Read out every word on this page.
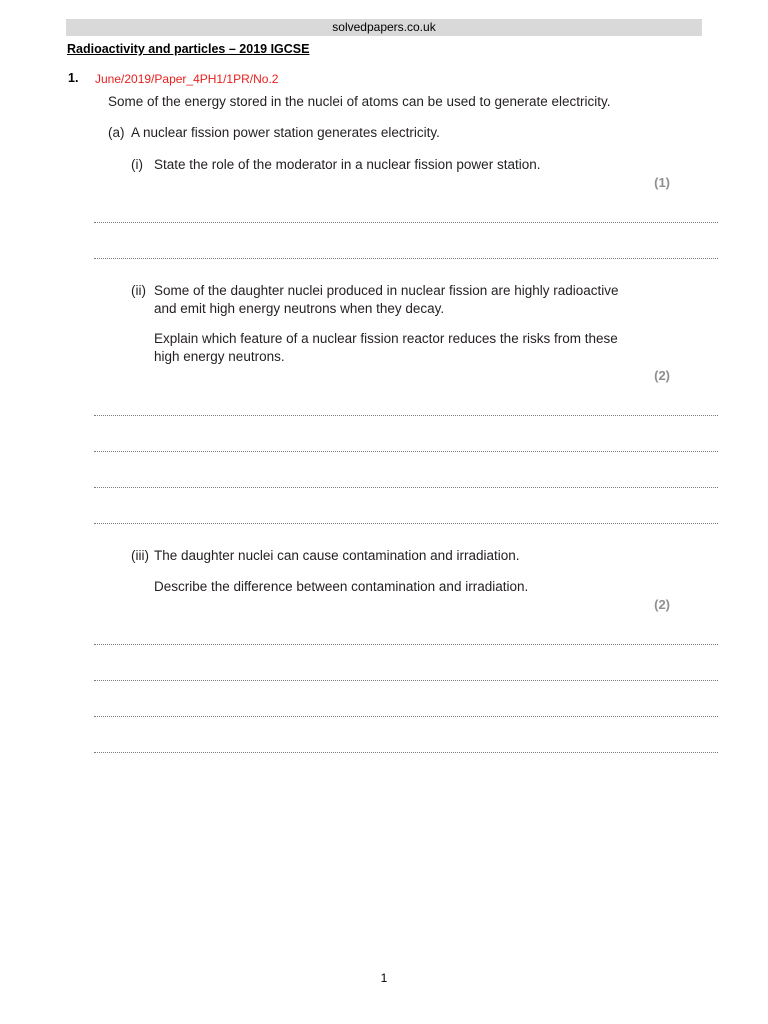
solvedpapers.co.uk
Radioactivity and particles – 2019 IGCSE
1. June/2019/Paper_4PH1/1PR/No.2
Some of the energy stored in the nuclei of atoms can be used to generate electricity.
(a) A nuclear fission power station generates electricity.
(i) State the role of the moderator in a nuclear fission power station.
(1)
(ii) Some of the daughter nuclei produced in nuclear fission are highly radioactive
and emit high energy neutrons when they decay.
Explain which feature of a nuclear fission reactor reduces the risks from these
high energy neutrons.
(2)
(iii) The daughter nuclei can cause contamination and irradiation.
Describe the difference between contamination and irradiation.
(2)
1
